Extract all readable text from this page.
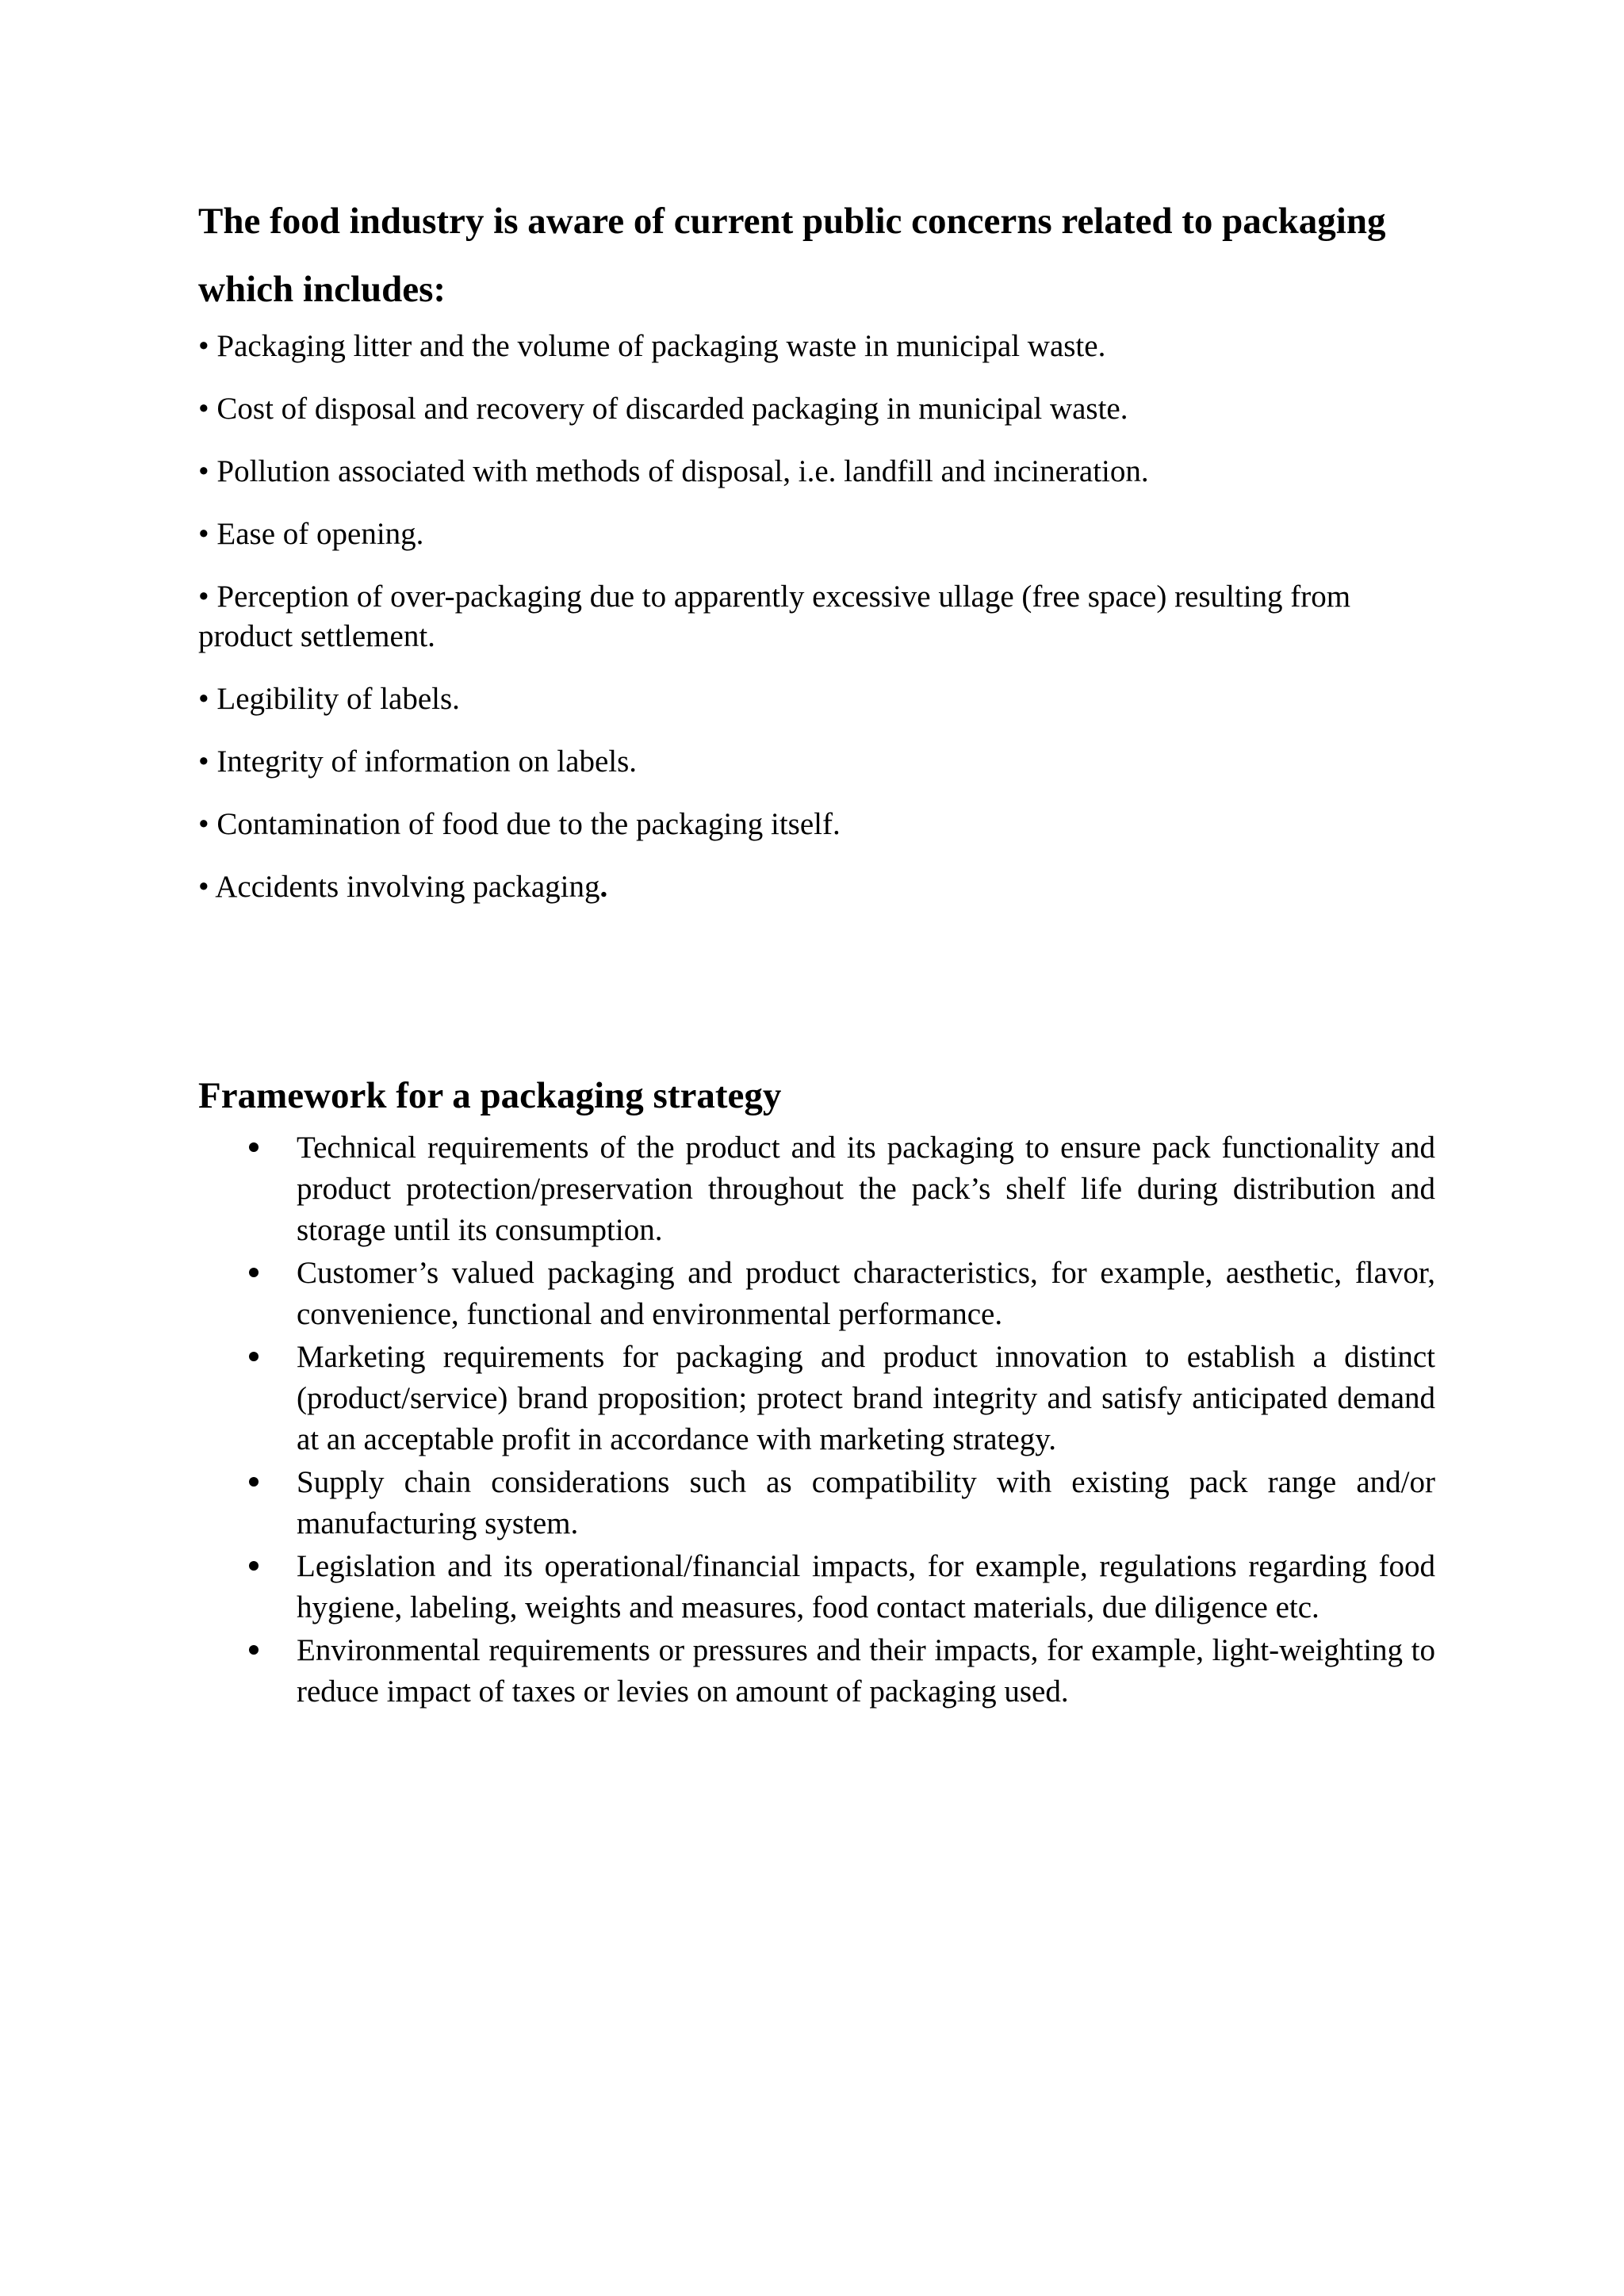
The food industry is aware of current public concerns related to packaging which includes:

• Packaging litter and the volume of packaging waste in municipal waste.

• Cost of disposal and recovery of discarded packaging in municipal waste.

• Pollution associated with methods of disposal, i.e. landfill and incineration.

• Ease of opening.

• Perception of over-packaging due to apparently excessive ullage (free space) resulting from product settlement.

• Legibility of labels.

• Integrity of information on labels.

• Contamination of food due to the packaging itself.

• Accidents involving packaging.

Framework for a packaging strategy
Technical requirements of the product and its packaging to ensure pack functionality and product protection/preservation throughout the pack’s shelf life during distribution and storage until its consumption.
Customer’s valued packaging and product characteristics, for example, aesthetic, flavor, convenience, functional and environmental performance.
Marketing requirements for packaging and product innovation to establish a distinct (product/service) brand proposition; protect brand integrity and satisfy anticipated demand at an acceptable profit in accordance with marketing strategy.
Supply chain considerations such as compatibility with existing pack range and/or manufacturing system.
Legislation and its operational/financial impacts, for example, regulations regarding food hygiene, labeling, weights and measures, food contact materials, due diligence etc.
Environmental requirements or pressures and their impacts, for example, light-weighting to reduce impact of taxes or levies on amount of packaging used.
